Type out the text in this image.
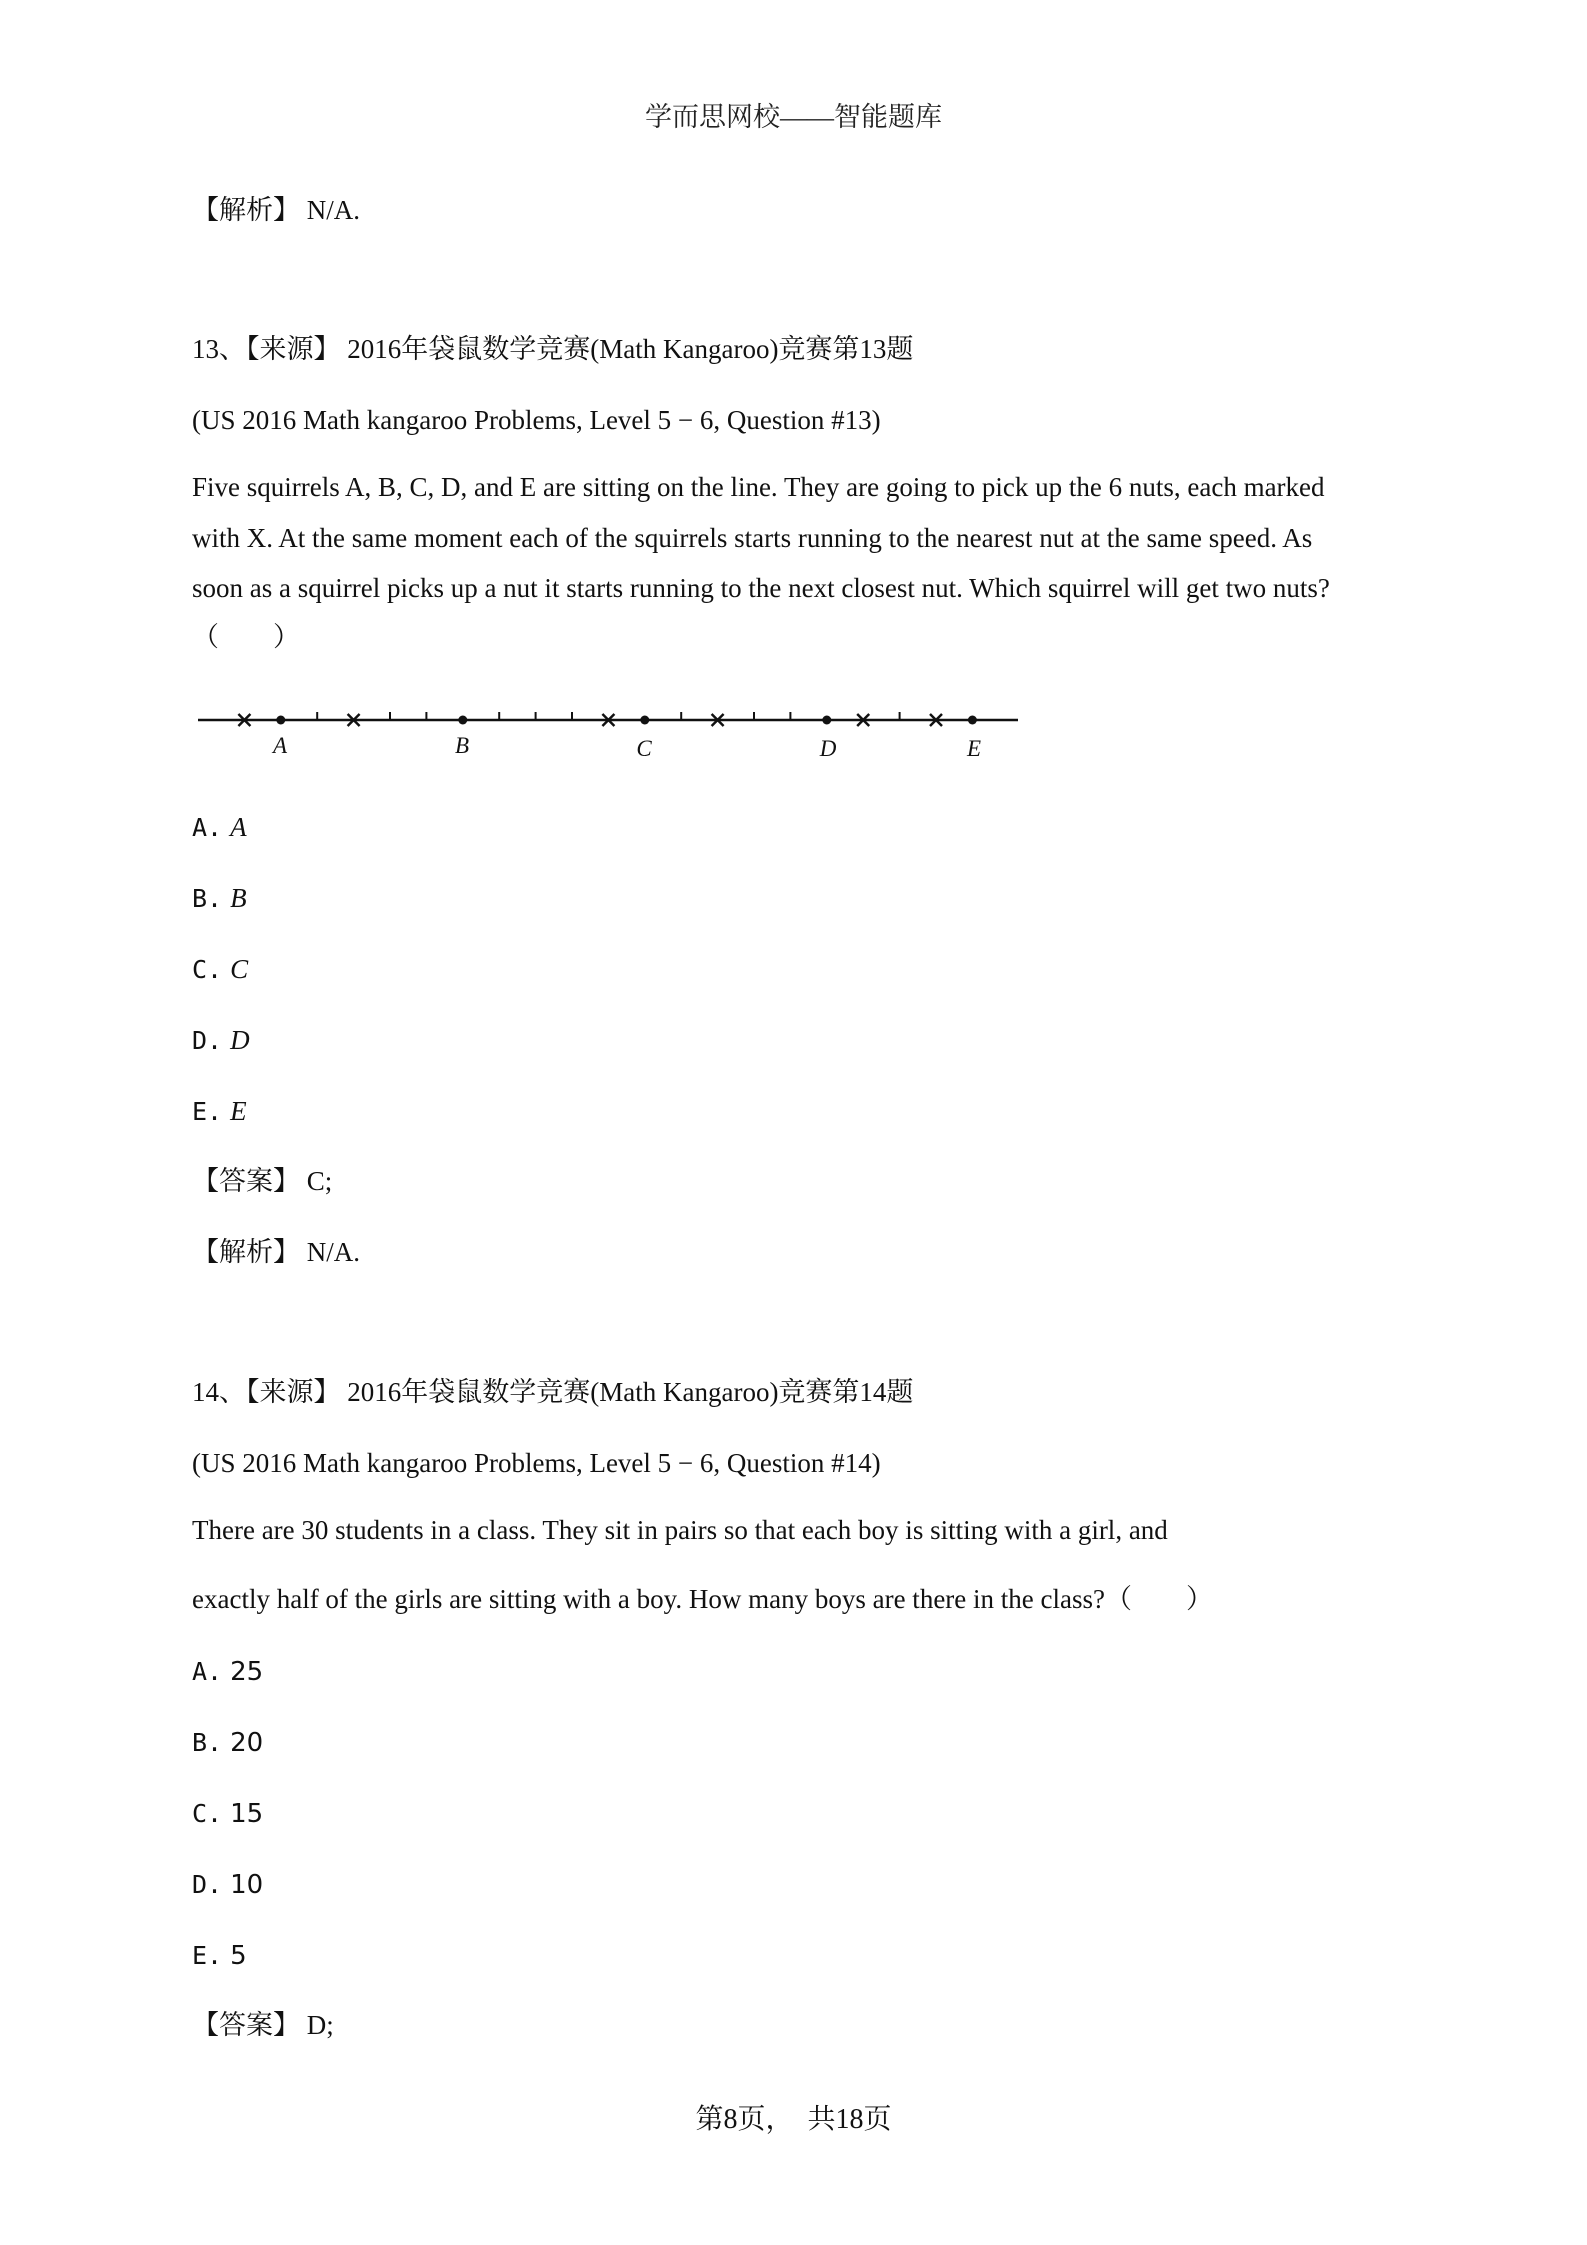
学而思网校——智能题库
【解析】 N/A.
13、【来源】 2016年袋鼠数学竞赛(Math Kangaroo)竞赛第13题
(US 2016 Math kangaroo Problems, Level 5 − 6, Question #13)
Five squirrels A, B, C, D, and E are sitting on the line. They are going to pick up the 6 nuts, each marked
with X. At the same moment each of the squirrels starts running to the nearest nut at the same speed. As
soon as a squirrel picks up a nut it starts running to the next closest nut. Which squirrel will get two nuts?
（　　）
A	B	C	D	E
A. A
B. B
C. C
D. D
E. E
【答案】 C;
【解析】 N/A.
14、【来源】 2016年袋鼠数学竞赛(Math Kangaroo)竞赛第14题
(US 2016 Math kangaroo Problems, Level 5 − 6, Question #14)
There are 30 students in a class. They sit in pairs so that each boy is sitting with a girl, and
exactly half of the girls are sitting with a boy. How many boys are there in the class?（　　）
A. 25
B. 20
C. 15
D. 10
E. 5
【答案】 D;
第8页，　共18页
